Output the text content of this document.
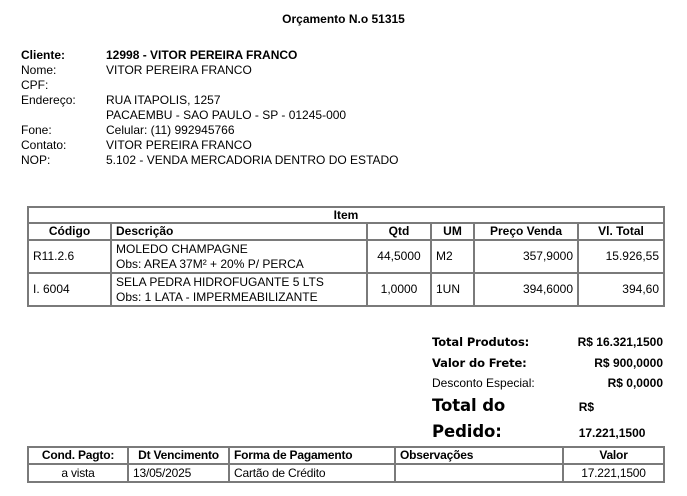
Orçamento N.o 51315
Cliente:	12998 - VITOR PEREIRA FRANCO
Nome:	VITOR PEREIRA FRANCO
CPF:
Endereço:	RUA ITAPOLIS, 1257
PACAEMBU - SAO PAULO - SP - 01245-000
Fone:	Celular: (11) 992945766
Contato:	VITOR PEREIRA FRANCO
NOP:	5.102 - VENDA MERCADORIA DENTRO DO ESTADO
Item					
Código	Descrição	Qtd	UM	Preço Venda	Vl. Total
R11.2.6	MOLEDO CHAMPAGNE
Obs: AREA 37M² + 20% P/ PERCA	44,5000	M2	357,9000	15.926,55
I. 6004	SELA PEDRA HIDROFUGANTE 5 LTS
Obs: 1 LATA - IMPERMEABILIZANTE	1,0000	1UN	394,6000	394,60
Total Produtos:	R$ 16.321,1500
Valor do Frete:	R$ 900,0000
Desconto Especial:	R$ 0,0000
Total do Pedido:
R$ 17.221,1500
Cond. Pagto:	Dt Vencimento	Forma de Pagamento	Observações	Valor
a vista	13/05/2025	Cartão de Crédito		17.221,1500
